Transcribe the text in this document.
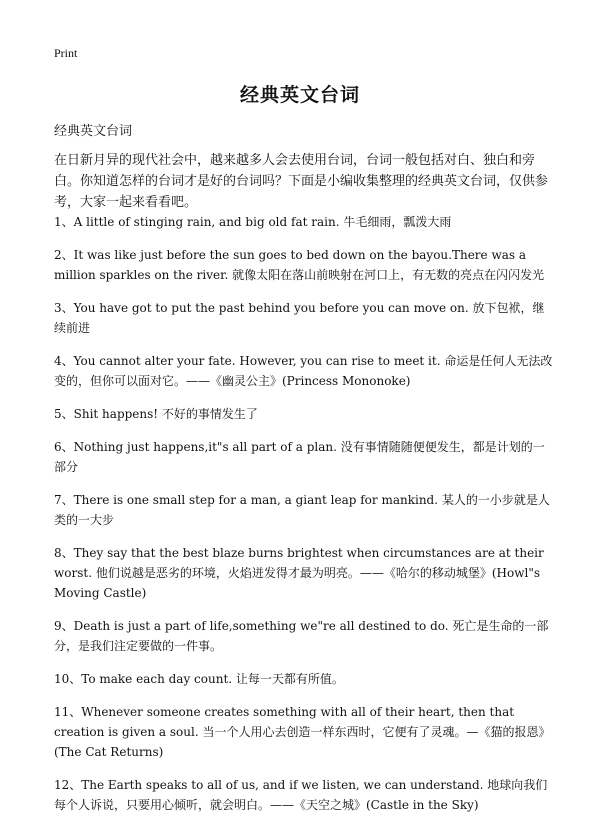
Print
经典英文台词
经典英文台词

在日新月异的现代社会中，越来越多人会去使用台词，台词一般包括对白、独白和旁白。你知道怎样的台词才是好的台词吗？下面是小编收集整理的经典英文台词，仅供参考，大家一起来看看吧。

1、A little of stinging rain, and big old fat rain. 牛毛细雨，瓢泼大雨
2、It was like just before the sun goes to bed down on the bayou.There was a million sparkles on the river. 就像太阳在落山前映射在河口上，有无数的亮点在闪闪发光
3、You have got to put the past behind you before you can move on. 放下包袱，继续前进
4、You cannot alter your fate. However, you can rise to meet it. 命运是任何人无法改变的，但你可以面对它。——《幽灵公主》(Princess Mononoke)
5、Shit happens! 不好的事情发生了
6、Nothing just happens,it"s all part of a plan. 没有事情随随便便发生，都是计划的一部分
7、There is one small step for a man, a giant leap for mankind. 某人的一小步就是人类的一大步
8、They say that the best blaze burns brightest when circumstances are at their worst. 他们说越是恶劣的环境，火焰迸发得才最为明亮。——《哈尔的移动城堡》(Howl"s Moving Castle)
9、Death is just a part of life,something we"re all destined to do. 死亡是生命的一部分，是我们注定要做的一件事。
10、To make each day count. 让每一天都有所值。
11、Whenever someone creates something with all of their heart, then that creation is given a soul. 当一个人用心去创造一样东西时，它便有了灵魂。—《猫的报恩》(The Cat Returns)
12、The Earth speaks to all of us, and if we listen, we can understand. 地球向我们每个人诉说，只要用心倾听，就会明白。——《天空之城》(Castle in the Sky)
